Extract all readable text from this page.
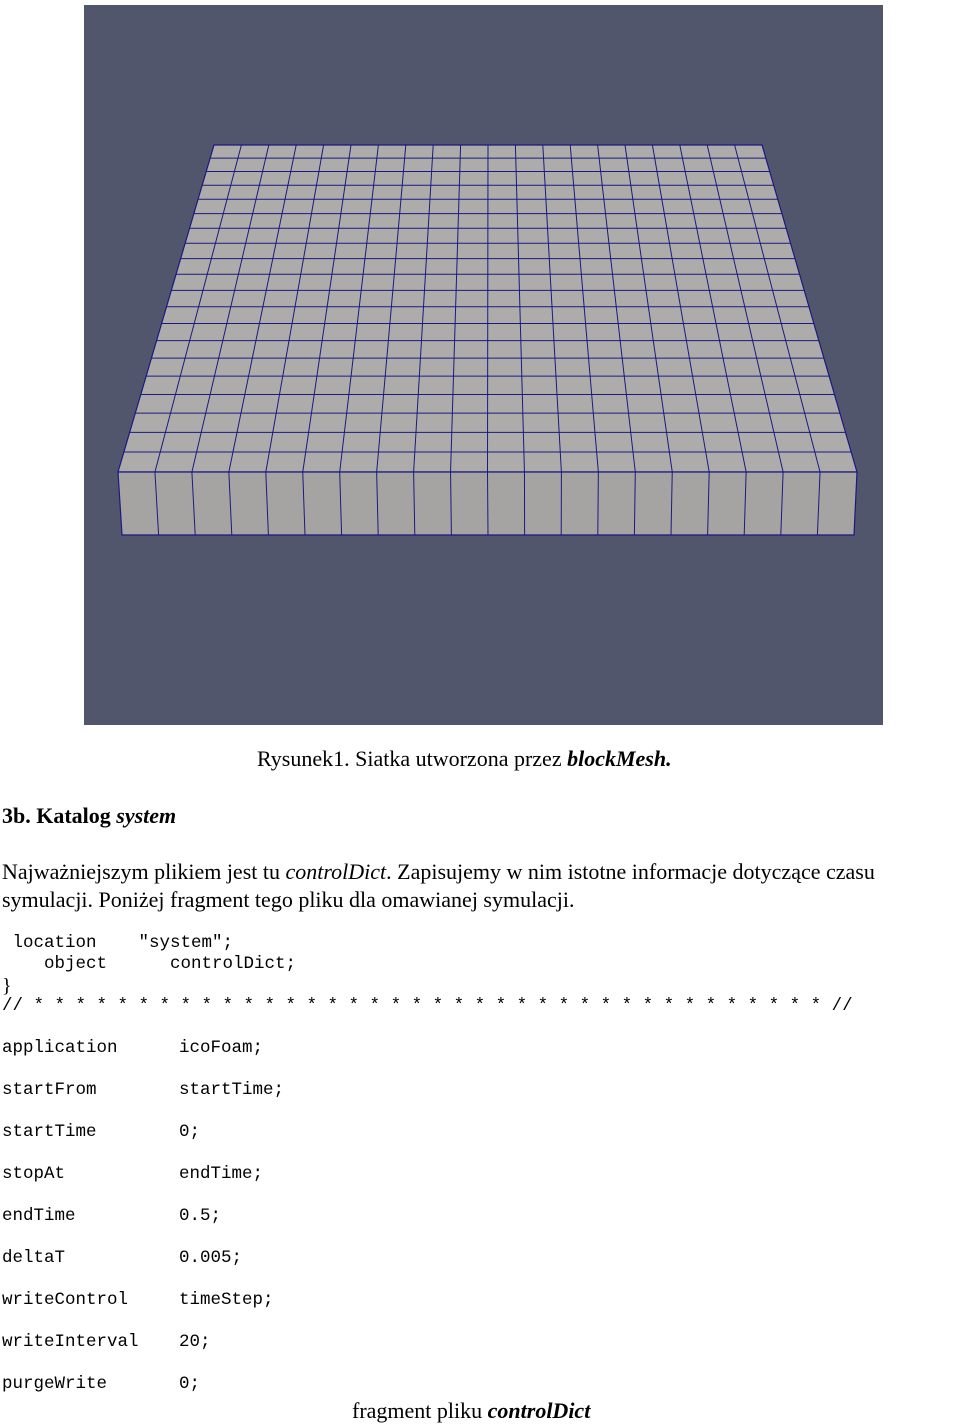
Rysunek1. Siatka utworzona przez blockMesh.
3b. Katalog system
Najważniejszym plikiem jest tu controlDict. Zapisujemy w nim istotne informacje dotyczące czasu
symulacji. Poniżej fragment tego pliku dla omawianej symulacji.
location    "system";
object      controlDict;
}
// * * * * * * * * * * * * * * * * * * * * * * * * * * * * * * * * * * * * * * //
application	icoFoam;
startFrom	startTime;
startTime	0;
stopAt	endTime;
endTime	0.5;
deltaT	0.005;
writeControl	timeStep;
writeInterval 20;
purgeWrite	0;
fragment pliku controlDict
